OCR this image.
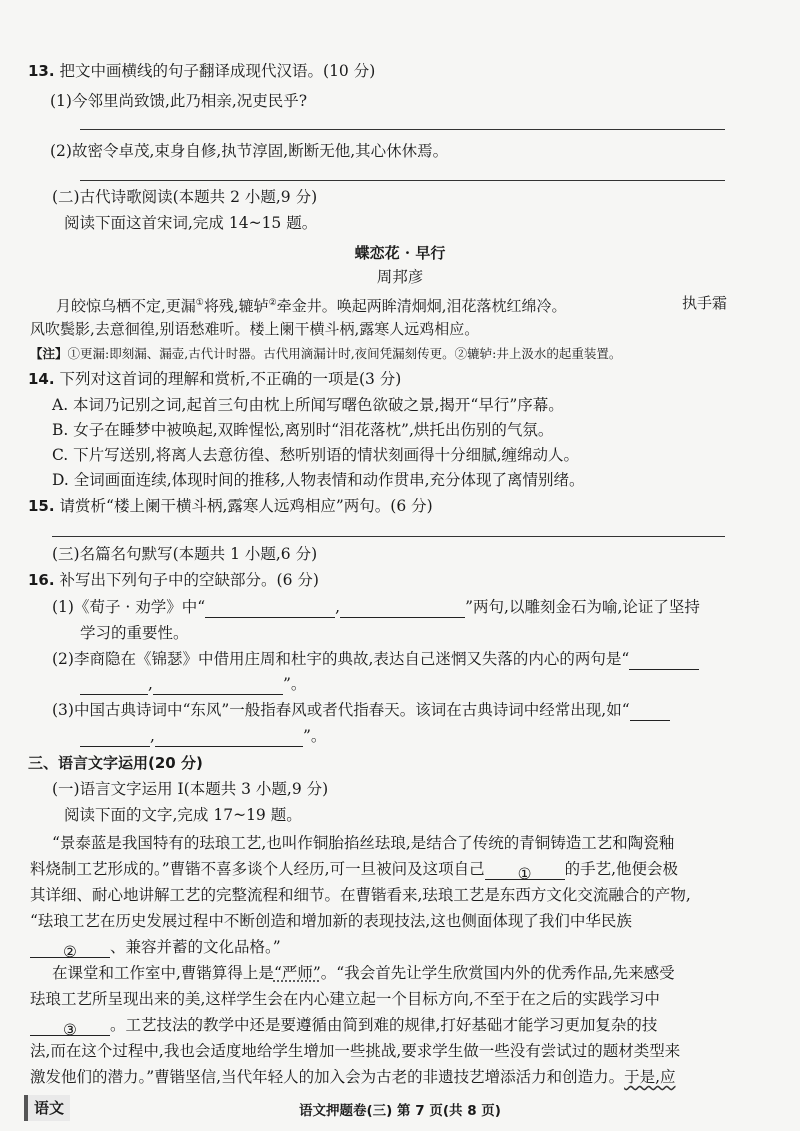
13. 把文中画横线的句子翻译成现代汉语。(10 分)
(1)今邻里尚致馈,此乃相亲,况吏民乎?
(2)故密令卓茂,束身自修,执节淳固,断断无他,其心休休焉。
(二)古代诗歌阅读(本题共 2 小题,9 分)
阅读下面这首宋词,完成 14~15 题。
蝶恋花 · 早行
周邦彦
月皎惊乌栖不定,更漏①将残,辘轳②牵金井。唤起两眸清炯炯,泪花落枕红绵冷。	执手霜
风吹鬓影,去意徊徨,别语愁难听。楼上阑干横斗柄,露寒人远鸡相应。
【注】①更漏:即刻漏、漏壶,古代计时器。古代用滴漏计时,夜间凭漏刻传更。②辘轳:井上汲水的起重装置。
14. 下列对这首词的理解和赏析,不正确的一项是(3 分)
A. 本词乃记别之词,起首三句由枕上所闻写曙色欲破之景,揭开“早行”序幕。
B. 女子在睡梦中被唤起,双眸惺忪,离别时“泪花落枕”,烘托出伤别的气氛。
C. 下片写送别,将离人去意彷徨、愁听别语的情状刻画得十分细腻,缠绵动人。
D. 全词画面连续,体现时间的推移,人物表情和动作贯串,充分体现了离情别绪。
15. 请赏析“楼上阑干横斗柄,露寒人远鸡相应”两句。(6 分)
(三)名篇名句默写(本题共 1 小题,6 分)
16. 补写出下列句子中的空缺部分。(6 分)
(1)《荀子 · 劝学》中“	,	”两句,以雕刻金石为喻,论证了坚持
学习的重要性。
(2)李商隐在《锦瑟》中借用庄周和杜宇的典故,表达自己迷惘又失落的内心的两句是“
,	”。
(3)中国古典诗词中“东风”一般指春风或者代指春天。该词在古典诗词中经常出现,如“
,	”。
三、语言文字运用(20 分)
(一)语言文字运用 Ⅰ(本题共 3 小题,9 分)
阅读下面的文字,完成 17~19 题。
“景泰蓝是我国特有的珐琅工艺,也叫作铜胎掐丝珐琅,是结合了传统的青铜铸造工艺和陶瓷釉
料烧制工艺形成的。”曹锴不喜多谈个人经历,可一旦被问及这项自己 ① 的手艺,他便会极
其详细、耐心地讲解工艺的完整流程和细节。在曹锴看来,珐琅工艺是东西方文化交流融合的产物,
“珐琅工艺在历史发展过程中不断创造和增加新的表现技法,这也侧面体现了我们中华民族
② 、兼容并蓄的文化品格。”
在课堂和工作室中,曹锴算得上是“严师”。“我会首先让学生欣赏国内外的优秀作品,先来感受
珐琅工艺所呈现出来的美,这样学生会在内心建立起一个目标方向,不至于在之后的实践学习中
③ 。工艺技法的教学中还是要遵循由简到难的规律,打好基础才能学习更加复杂的技
法,而在这个过程中,我也会适度地给学生增加一些挑战,要求学生做一些没有尝试过的题材类型来
激发他们的潜力。”曹锴坚信,当代年轻人的加入会为古老的非遗技艺增添活力和创造力。于是,应
语文	语文押题卷(三) 第 7 页(共 8 页)
